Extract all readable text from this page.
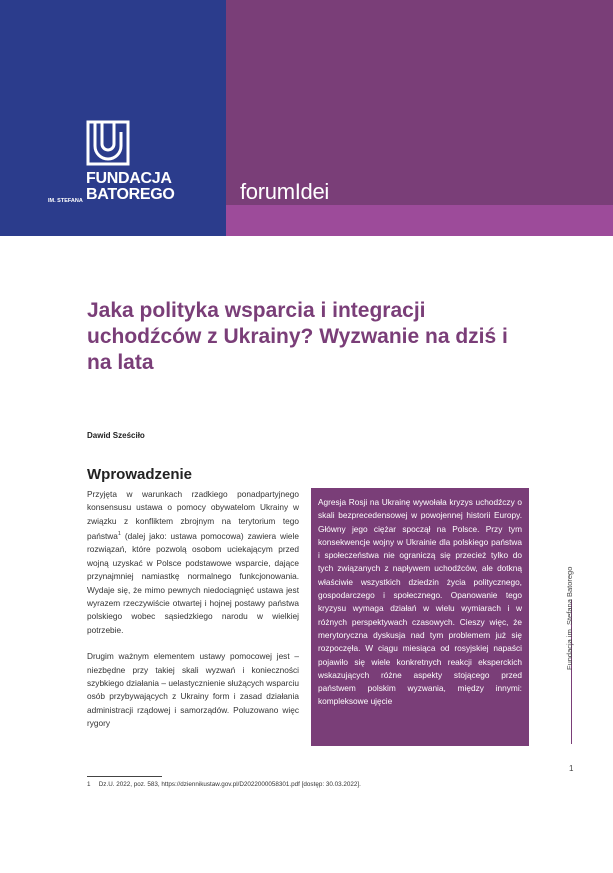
FUNDACJA
IM. STEFANA BATOREGO	forumIdei
Jaka polityka wsparcia i integracji uchodźców z Ukrainy? Wyzwanie na dziś i na lata
Dawid Sześciło
Wprowadzenie

Przyjęta w warunkach rzadkiego ponadpartyjnego konsensusu ustawa o pomocy obywatelom Ukrainy w związku z konfliktem zbrojnym na terytorium tego państwa$^1$ (dalej jako: ustawa pomocowa) zawiera wiele rozwiązań, które pozwolą osobom uciekającym przed wojną uzyskać w Polsce podstawowe wsparcie, dające przynajmniej namiastkę normalnego funkcjonowania. Wydaje się, że mimo pewnych niedociągnięć ustawa jest wyrazem rzeczywiście otwartej i hojnej postawy państwa polskiego wobec sąsiedzkiego narodu w wielkiej potrzebie.

Drugim ważnym elementem ustawy pomocowej jest – niezbędne przy takiej skali wyzwań i konieczności szybkiego działania – uelastycznienie służących wsparciu osób przybywających z Ukrainy form i zasad działania administracji rządowej i samorządów. Poluzowano więc rygory

Agresja Rosji na Ukrainę wywołała kryzys uchodźczy o skali bezprecedensowej w powojennej historii Europy. Główny jego ciężar spoczął na Polsce. Przy tym konsekwencje wojny w Ukrainie dla polskiego państwa i społeczeństwa nie ograniczą się przecież tylko do tych związanych z napływem uchodźców, ale dotkną właściwie wszystkich dziedzin życia politycznego, gospodarczego i społecznego. Opanowanie tego kryzysu wymaga działań w wielu wymiarach i w różnych perspektywach czasowych. Cieszy więc, że merytoryczna dyskusja nad tym problemem już się rozpoczęła. W ciągu miesiąca od rosyjskiej napaści pojawiło się wiele konkretnych reakcji eksperckich wskazujących różne aspekty stojącego przed państwem polskim wyzwania, między innymi: kompleksowe ujęcie
Fundacja im. Stefana Batorego
1
1 Dz.U. 2022, poz. 583, https://dziennikustaw.gov.pl/D2022000058301.pdf [dostęp: 30.03.2022].
